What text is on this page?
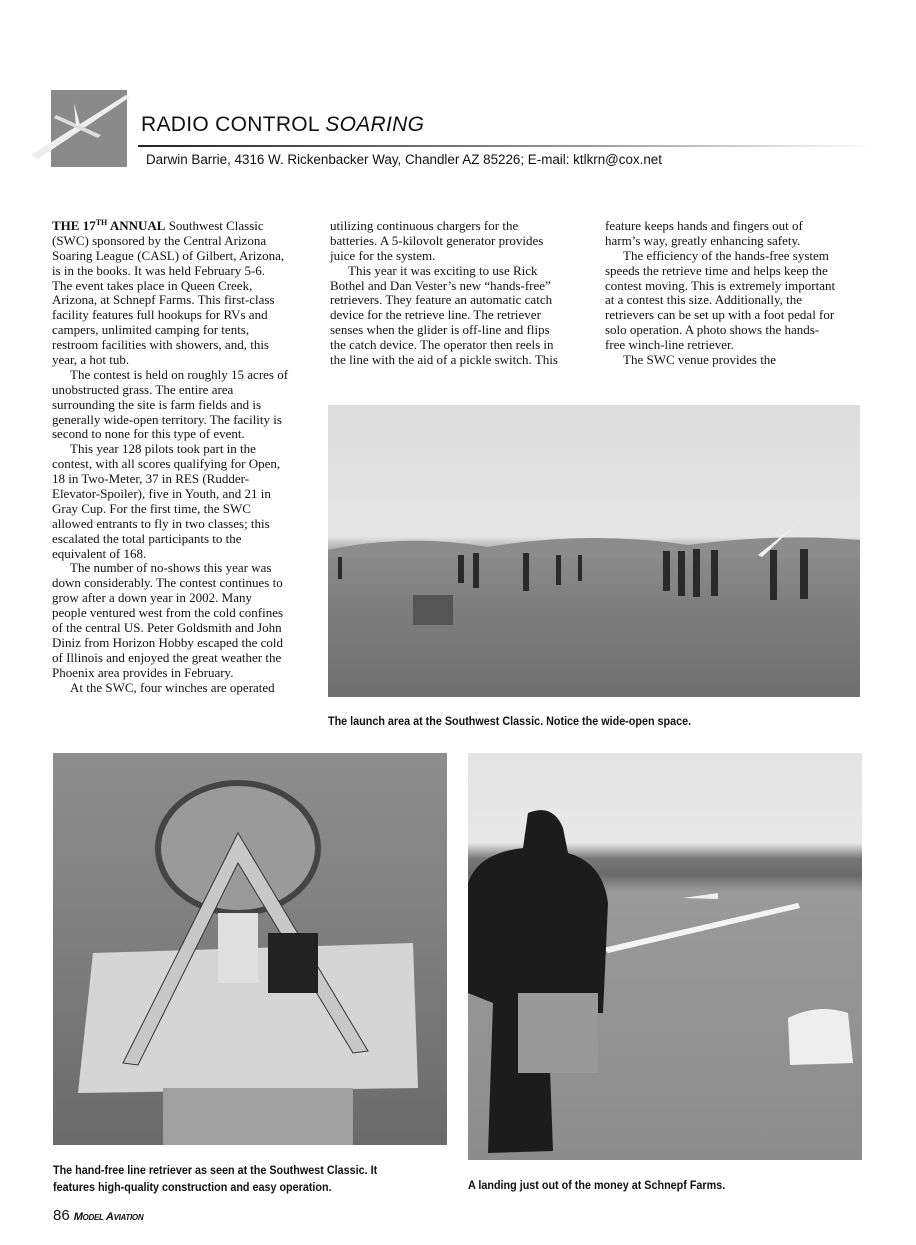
RADIO CONTROL SOARING
Darwin Barrie, 4316 W. Rickenbacker Way, Chandler AZ 85226; E-mail: ktlkrn@cox.net
THE 17TH ANNUAL Southwest Classic
(SWC) sponsored by the Central Arizona
Soaring League (CASL) of Gilbert, Arizona,
is in the books. It was held February 5-6.
The event takes place in Queen Creek,
Arizona, at Schnepf Farms. This first-class
facility features full hookups for RVs and
campers, unlimited camping for tents,
restroom facilities with showers, and, this
year, a hot tub.
The contest is held on roughly 15 acres of
unobstructed grass. The entire area
surrounding the site is farm fields and is
generally wide-open territory. The facility is
second to none for this type of event.
This year 128 pilots took part in the
contest, with all scores qualifying for Open,
18 in Two-Meter, 37 in RES (Rudder-
Elevator-Spoiler), five in Youth, and 21 in
Gray Cup. For the first time, the SWC
allowed entrants to fly in two classes; this
escalated the total participants to the
equivalent of 168.
The number of no-shows this year was
down considerably. The contest continues to
grow after a down year in 2002. Many
people ventured west from the cold confines
of the central US. Peter Goldsmith and John
Diniz from Horizon Hobby escaped the cold
of Illinois and enjoyed the great weather the
Phoenix area provides in February.
At the SWC, four winches are operated
utilizing continuous chargers for the
batteries. A 5-kilovolt generator provides
juice for the system.
This year it was exciting to use Rick
Bothel and Dan Vester’s new “hands-free”
retrievers. They feature an automatic catch
device for the retrieve line. The retriever
senses when the glider is off-line and flips
the catch device. The operator then reels in
the line with the aid of a pickle switch. This
feature keeps hands and fingers out of
harm’s way, greatly enhancing safety.
The efficiency of the hands-free system
speeds the retrieve time and helps keep the
contest moving. This is extremely important
at a contest this size. Additionally, the
retrievers can be set up with a foot pedal for
solo operation. A photo shows the hands-
free winch-line retriever.
The SWC venue provides the
The launch area at the Southwest Classic. Notice the wide-open space.
The hand-free line retriever as seen at the Southwest Classic. It
features high-quality construction and easy operation.	A landing just out of the money at Schnepf Farms.
86 Model Aviation
